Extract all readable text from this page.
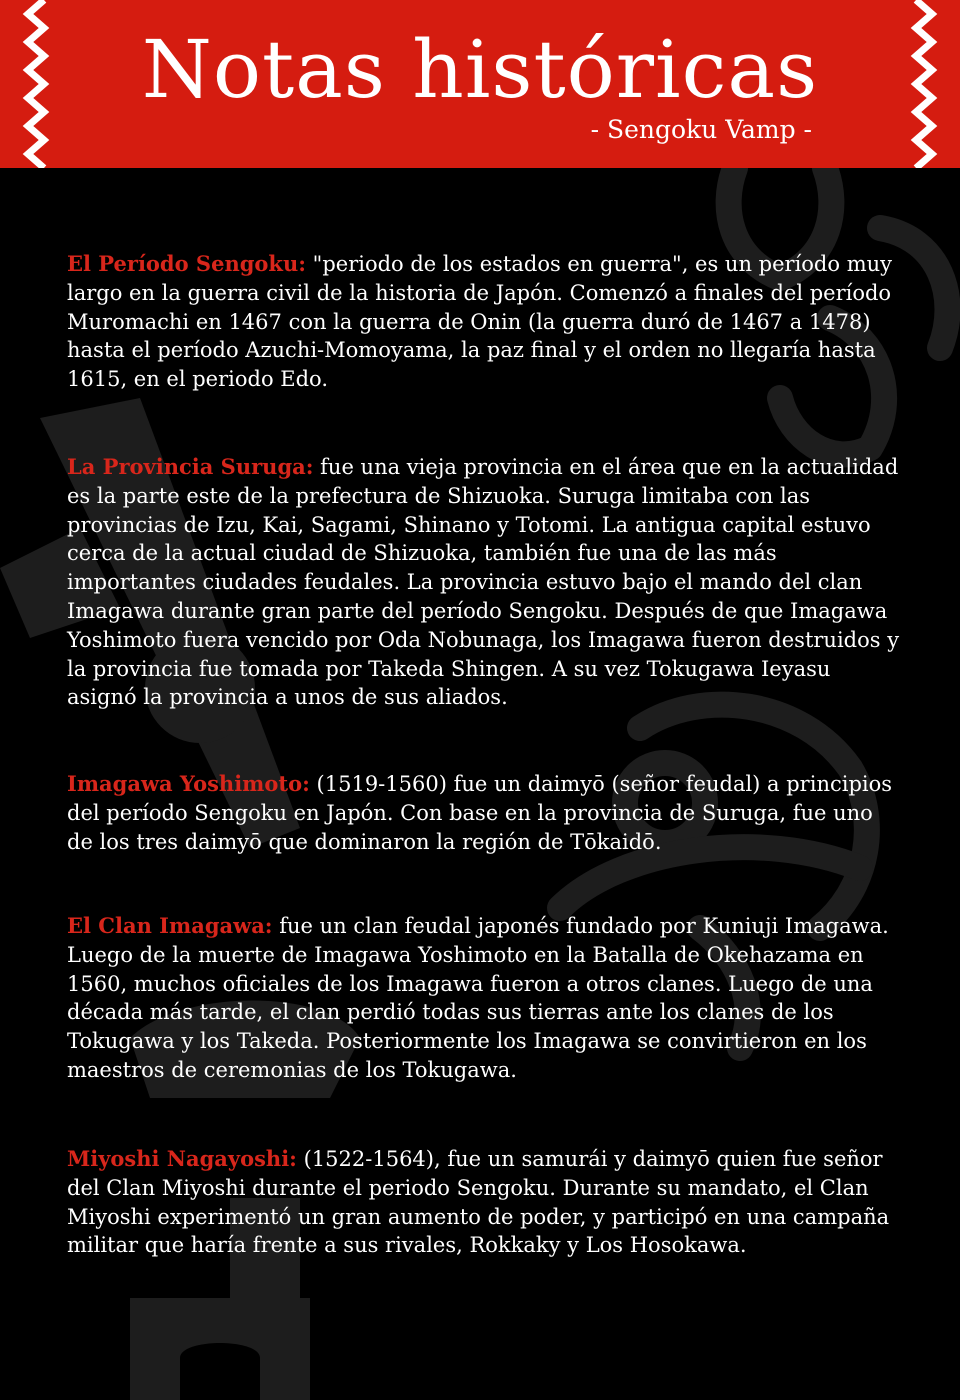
Notas históricas
- Sengoku Vamp -

El Período Sengoku: "periodo de los estados en guerra", es un período muy largo en la guerra civil de la historia de Japón. Comenzó a finales del período Muromachi en 1467 con la guerra de Onin (la guerra duró de 1467 a 1478) hasta el período Azuchi-Momoyama, la paz final y el orden no llegaría hasta 1615, en el periodo Edo.

La Provincia Suruga: fue una vieja provincia en el área que en la actualidad es la parte este de la prefectura de Shizuoka. Suruga limitaba con las provincias de Izu, Kai, Sagami, Shinano y Totomi. La antigua capital estuvo cerca de la actual ciudad de Shizuoka, también fue una de las más importantes ciudades feudales. La provincia estuvo bajo el mando del clan Imagawa durante gran parte del período Sengoku. Después de que Imagawa Yoshimoto fuera vencido por Oda Nobunaga, los Imagawa fueron destruidos y la provincia fue tomada por Takeda Shingen. A su vez Tokugawa Ieyasu asignó la provincia a unos de sus aliados.

Imagawa Yoshimoto: (1519-1560) fue un daimyō (señor feudal) a principios del período Sengoku en Japón. Con base en la provincia de Suruga, fue uno de los tres daimyō que dominaron la región de Tōkaidō.

El Clan Imagawa: fue un clan feudal japonés fundado por Kuniuji Imagawa. Luego de la muerte de Imagawa Yoshimoto en la Batalla de Okehazama en 1560, muchos oficiales de los Imagawa fueron a otros clanes. Luego de una década más tarde, el clan perdió todas sus tierras ante los clanes de los Tokugawa y los Takeda. Posteriormente los Imagawa se convirtieron en los maestros de ceremonias de los Tokugawa.

Miyoshi Nagayoshi: (1522-1564), fue un samurái y daimyō quien fue señor del Clan Miyoshi durante el periodo Sengoku. Durante su mandato, el Clan Miyoshi experimentó un gran aumento de poder, y participó en una campaña militar que haría frente a sus rivales, Rokkaky y Los Hosokawa.
